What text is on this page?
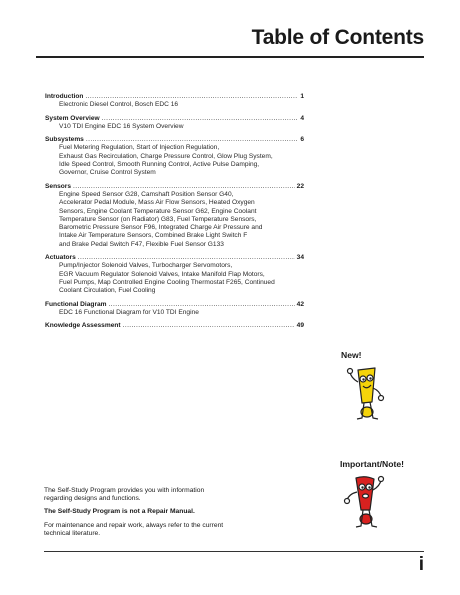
Table of Contents
Introduction .....	1
Electronic Diesel Control, Bosch EDC 16
System Overview .....	4
V10 TDI Engine EDC 16 System Overview
Subsystems .....	6
Fuel Metering Regulation, Start of Injection Regulation,
Exhaust Gas Recirculation, Charge Pressure Control, Glow Plug System,
Idle Speed Control, Smooth Running Control, Active Pulse Damping,
Governor, Cruise Control System
Sensors .....	22
Engine Speed Sensor G28, Camshaft Position Sensor G40,
Accelerator Pedal Module, Mass Air Flow Sensors, Heated Oxygen
Sensors, Engine Coolant Temperature Sensor G62, Engine Coolant
Temperature Sensor (on Radiator) G83, Fuel Temperature Sensors,
Barometric Pressure Sensor F96, Integrated Charge Air Pressure and
Intake Air Temperature Sensors, Combined Brake Light Switch F
and Brake Pedal Switch F47, Flexible Fuel Sensor G133
Actuators .....	34
Pump/Injector Solenoid Valves, Turbocharger Servomotors,
EGR Vacuum Regulator Solenoid Valves, Intake Manifold Flap Motors,
Fuel Pumps, Map Controlled Engine Cooling Thermostat F265, Continued
Coolant Circulation, Fuel Cooling
Functional Diagram .....	42
EDC 16 Functional Diagram for V10 TDI Engine
Knowledge Assessment .....	49
New!
Important/Note!

The Self-Study Program provides you with information regarding designs and functions.

The Self-Study Program is not a Repair Manual.

For maintenance and repair work, always refer to the current technical literature.

i
